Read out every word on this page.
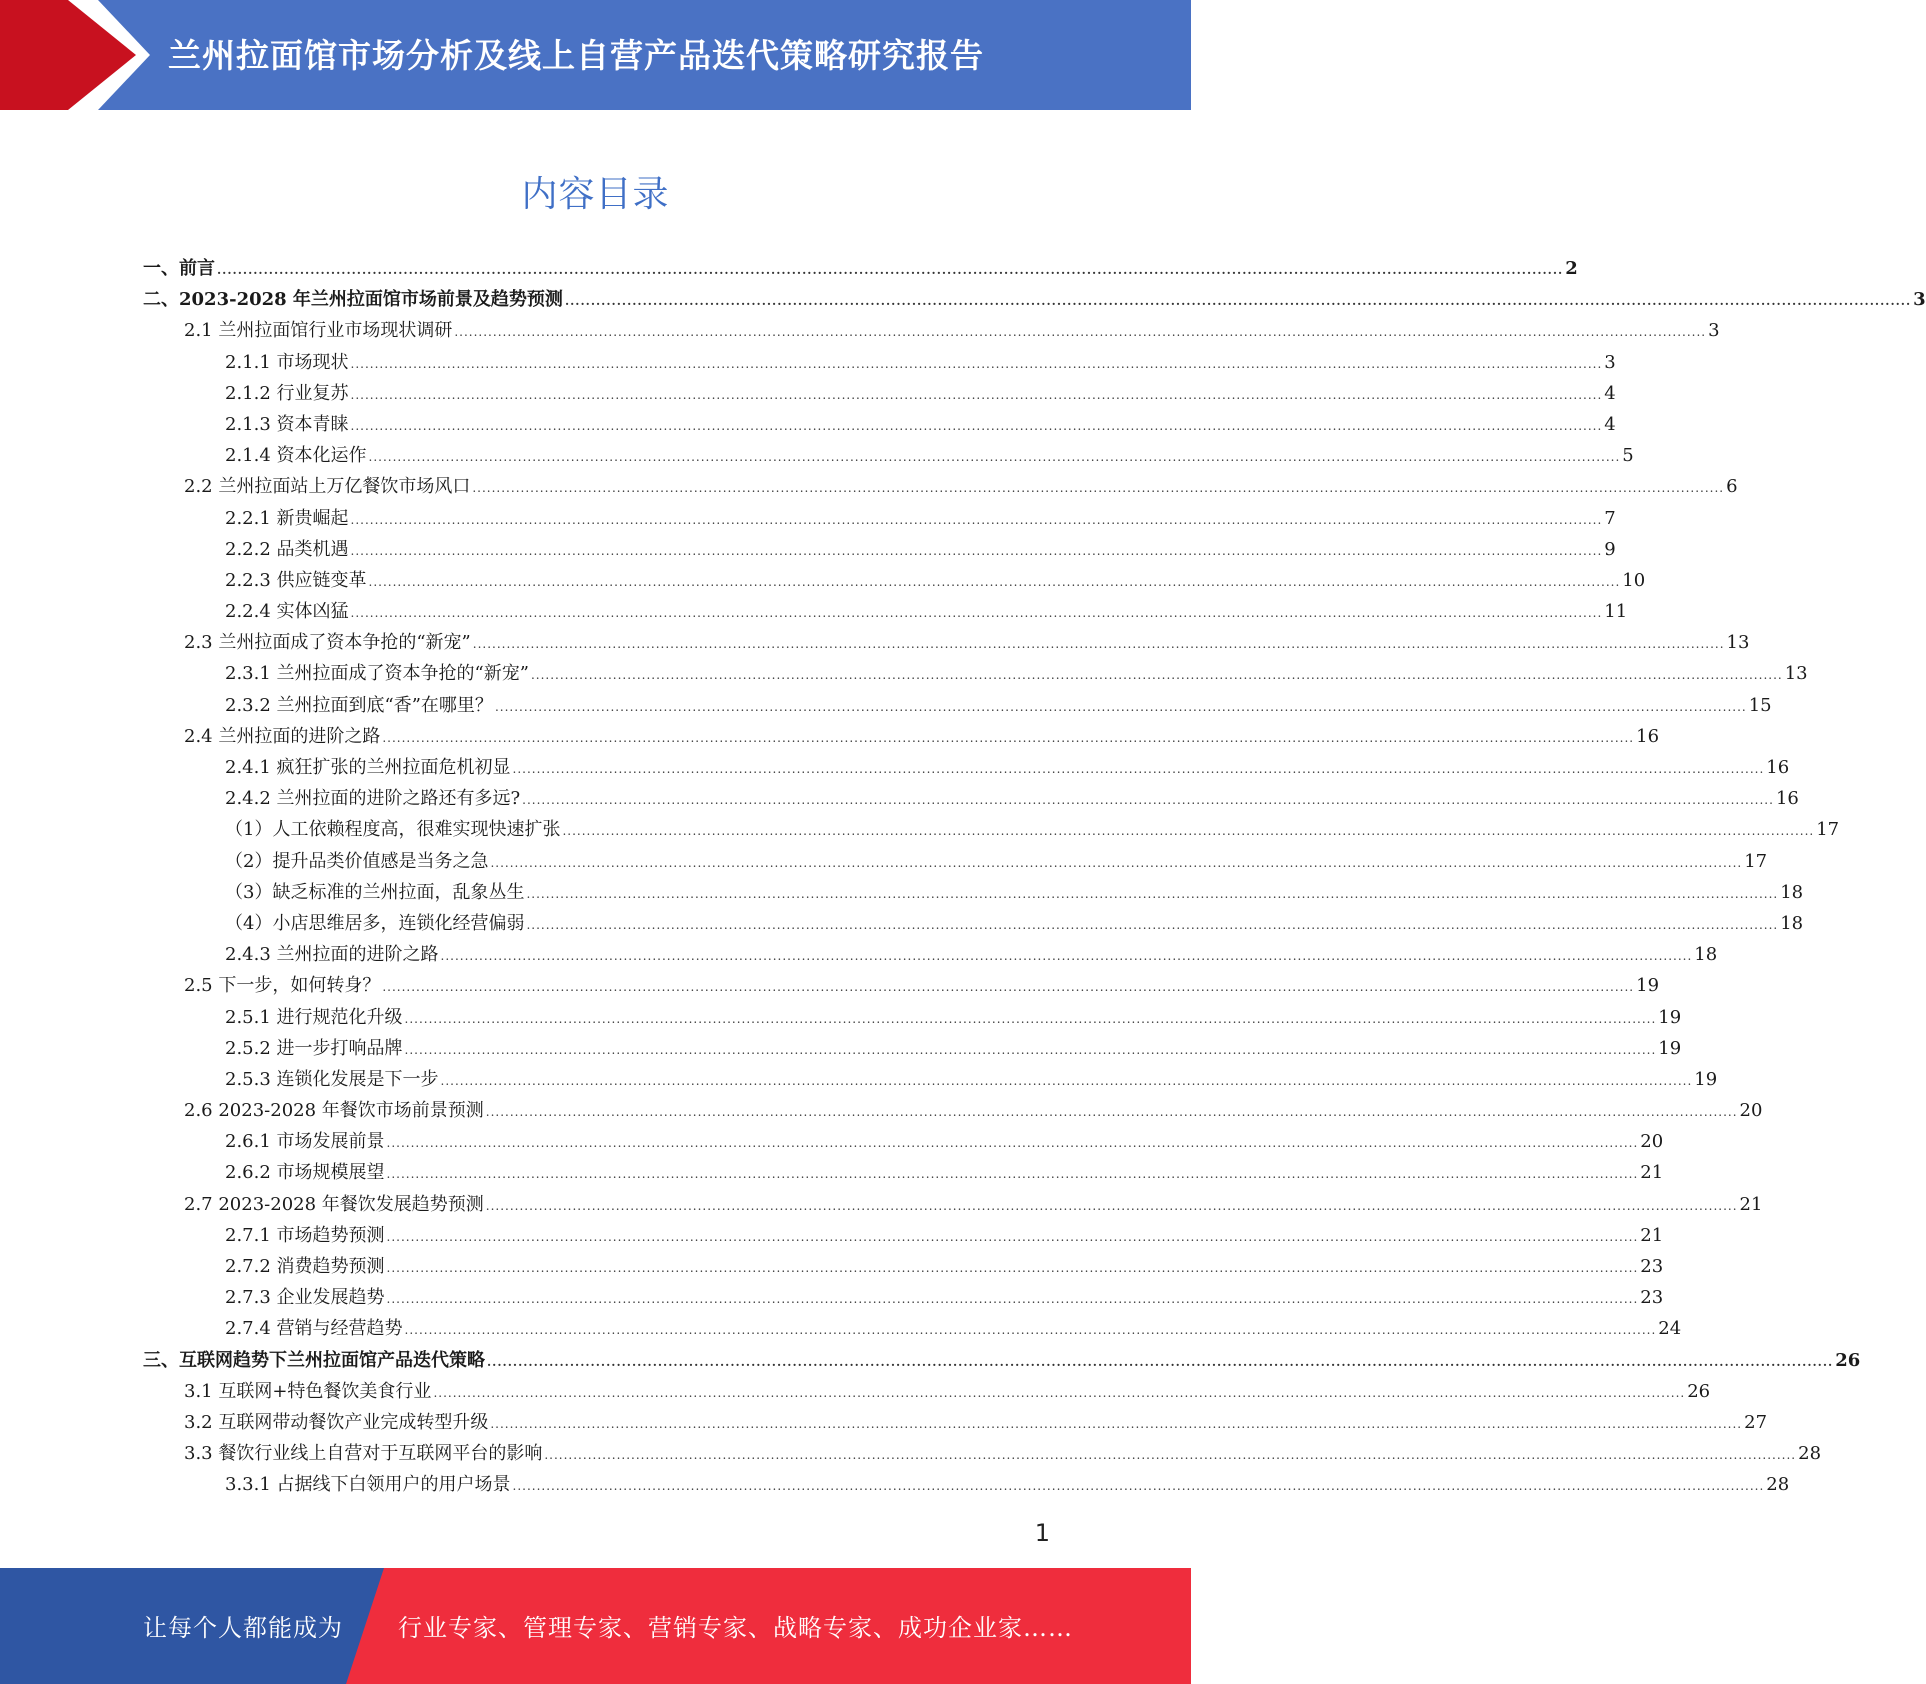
兰州拉面馆市场分析及线上自营产品迭代策略研究报告
内容目录
一、前言 .................................................................................................................................................................................................................................................................... 2
二、2023-2028 年兰州拉面馆市场前景及趋势预测 .................................................................................................................................................................................................................................................................... 3
2.1 兰州拉面馆行业市场现状调研 .................................................................................................................................................................................................................................................................... 3
2.1.1 市场现状 .................................................................................................................................................................................................................................................................... 3
2.1.2 行业复苏 .................................................................................................................................................................................................................................................................... 4
2.1.3 资本青睐 .................................................................................................................................................................................................................................................................... 4
2.1.4 资本化运作 .................................................................................................................................................................................................................................................................... 5
2.2 兰州拉面站上万亿餐饮市场风口 .................................................................................................................................................................................................................................................................... 6
2.2.1 新贵崛起 .................................................................................................................................................................................................................................................................... 7
2.2.2 品类机遇 .................................................................................................................................................................................................................................................................... 9
2.2.3 供应链变革 .................................................................................................................................................................................................................................................................... 10
2.2.4 实体凶猛 .................................................................................................................................................................................................................................................................... 11
2.3 兰州拉面成了资本争抢的“新宠” .................................................................................................................................................................................................................................................................... 13
2.3.1 兰州拉面成了资本争抢的“新宠” .................................................................................................................................................................................................................................................................... 13
2.3.2 兰州拉面到底“香”在哪里？ .................................................................................................................................................................................................................................................................... 15
2.4 兰州拉面的进阶之路 .................................................................................................................................................................................................................................................................... 16
2.4.1 疯狂扩张的兰州拉面危机初显 .................................................................................................................................................................................................................................................................... 16
2.4.2 兰州拉面的进阶之路还有多远? .................................................................................................................................................................................................................................................................... 16
（1）人工依赖程度高，很难实现快速扩张 .................................................................................................................................................................................................................................................................... 17
（2）提升品类价值感是当务之急 .................................................................................................................................................................................................................................................................... 17
（3）缺乏标准的兰州拉面，乱象丛生 .................................................................................................................................................................................................................................................................... 18
（4）小店思维居多，连锁化经营偏弱 .................................................................................................................................................................................................................................................................... 18
2.4.3 兰州拉面的进阶之路 .................................................................................................................................................................................................................................................................... 18
2.5 下一步，如何转身？ .................................................................................................................................................................................................................................................................... 19
2.5.1 进行规范化升级 .................................................................................................................................................................................................................................................................... 19
2.5.2 进一步打响品牌 .................................................................................................................................................................................................................................................................... 19
2.5.3 连锁化发展是下一步 .................................................................................................................................................................................................................................................................... 19
2.6 2023-2028 年餐饮市场前景预测 .................................................................................................................................................................................................................................................................... 20
2.6.1 市场发展前景 .................................................................................................................................................................................................................................................................... 20
2.6.2 市场规模展望 .................................................................................................................................................................................................................................................................... 21
2.7 2023-2028 年餐饮发展趋势预测 .................................................................................................................................................................................................................................................................... 21
2.7.1 市场趋势预测 .................................................................................................................................................................................................................................................................... 21
2.7.2 消费趋势预测 .................................................................................................................................................................................................................................................................... 23
2.7.3 企业发展趋势 .................................................................................................................................................................................................................................................................... 23
2.7.4 营销与经营趋势 .................................................................................................................................................................................................................................................................... 24
三、互联网趋势下兰州拉面馆产品迭代策略 .................................................................................................................................................................................................................................................................... 26
3.1 互联网+特色餐饮美食行业 .................................................................................................................................................................................................................................................................... 26
3.2 互联网带动餐饮产业完成转型升级 .................................................................................................................................................................................................................................................................... 27
3.3 餐饮行业线上自营对于互联网平台的影响 .................................................................................................................................................................................................................................................................... 28
3.3.1 占据线下白领用户的用户场景 .................................................................................................................................................................................................................................................................... 28
1
让每个人都能成为 行业专家、管理专家、营销专家、战略专家、成功企业家……
